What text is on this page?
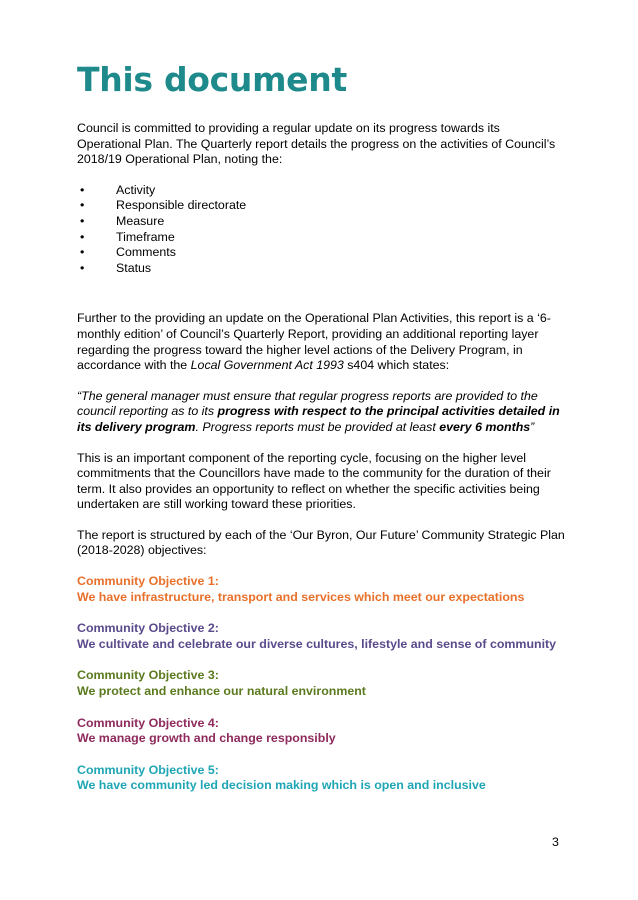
This document

Council is committed to providing a regular update on its progress towards its Operational Plan. The Quarterly report details the progress on the activities of Council’s 2018/19 Operational Plan, noting the:

•	Activity
•	Responsible directorate
•	Measure
•	Timeframe
•	Comments
•	Status

Further to the providing an update on the Operational Plan Activities, this report is a ‘6-monthly edition’ of Council’s Quarterly Report, providing an additional reporting layer regarding the progress toward the higher level actions of the Delivery Program, in accordance with the Local Government Act 1993 s404 which states:

“The general manager must ensure that regular progress reports are provided to the council reporting as to its progress with respect to the principal activities detailed in its delivery program. Progress reports must be provided at least every 6 months”

This is an important component of the reporting cycle, focusing on the higher level commitments that the Councillors have made to the community for the duration of their term. It also provides an opportunity to reflect on whether the specific activities being undertaken are still working toward these priorities.

The report is structured by each of the ‘Our Byron, Our Future’ Community Strategic Plan (2018-2028) objectives:

Community Objective 1:
We have infrastructure, transport and services which meet our expectations
Community Objective 2:
We cultivate and celebrate our diverse cultures, lifestyle and sense of community
Community Objective 3:
We protect and enhance our natural environment
Community Objective 4:
We manage growth and change responsibly
Community Objective 5:
We have community led decision making which is open and inclusive
3
